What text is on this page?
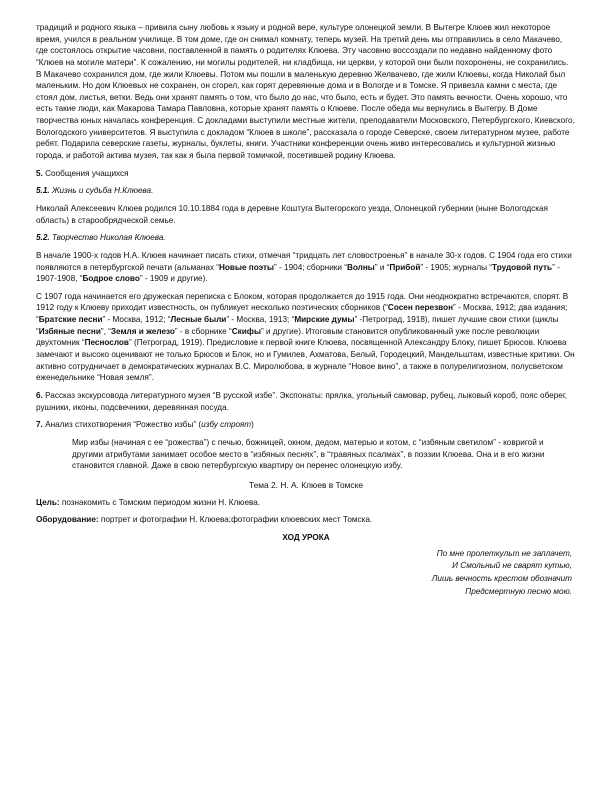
традиций и родного языка – привила сыну любовь к языку и родной вере, культуре олонецкой земли. В Вытегре Клюев жил некоторое время, учился в реальном училище. В том доме, где он снимал комнату, теперь музей. На третий день мы отправились в село Макачево, где состоялось открытие часовни, поставленной в память о родителях Клюева. Эту часовню воссоздали по недавно найденному фото “Клюев на могиле матери”. К сожалению, ни могилы родителей, ни кладбища, ни церкви, у которой они были похоронены, не сохранились. В Макачево сохранился дом, где жили Клюевы. Потом мы пошли в маленькую деревню Желвачево, где жили Клюевы, когда Николай был маленьким. Но дом Клюевых не сохранен, он сгорел, как горят деревянные дома и в Вологде и в Томске. Я привезла камни с места, где стоял дом, листья, ветки. Ведь они хранят память о том, что было до нас, что было, есть и будет. Это память вечности. Очень хорошо, что есть такие люди, как Макарова Тамара Павловна, которые хранят память о Клюеве. После обеда мы вернулись в Вытегру. В Доме творчества юных началась конференция. С докладами выступили местные жители, преподаватели Московского, Петербургского, Киевского, Вологодского университетов. Я выступила с докладом “Клюев в школе”, рассказала о городе Северске, своем литературном музее, работе ребят. Подарила северские газеты, журналы, буклеты, книги. Участники конференции очень живо интересовались и культурной жизнью города, и работой актива музея, так как я была первой томичкой, посетившей родину Клюева.

5. Сообщения учащихся

5.1. Жизнь и судьба Н.Клюева.

Николай Алексеевич Клюев родился 10.10.1884 года в деревне Коштуга Вытегорского уезда, Олонецкой губернии (ныне Вологодская область) в старообрядческой семье.

5.2. Творчество Николая Клюева.

В начале 1900-х годов Н.А. Клюев начинает писать стихи, отмечая “тридцать лет словостроенья” в начале 30-х годов. С 1904 года его стихи появляются в петербургской печати (альманах “Новые поэты” - 1904; сборники “Волны” и “Прибой” - 1905; журналы “Трудовой путь” - 1907-1908, “Бодрое слово” - 1909 и другие).

С 1907 года начинается его дружеская переписка с Блоком, которая продолжается до 1915 года. Они неоднократно встречаются, спорят. В 1912 году к Клюеву приходит известность, он публикует несколько поэтических сборников (“Сосен перезвон” - Москва, 1912; два издания; “Братские песни” - Москва, 1912; “Лесные были” - Москва, 1913; “Мирские думы” -Петроград, 1918), пишет лучшие свои стихи (циклы “Избяные песни”, “Земля и железо” - в сборнике “Скифы” и другие). Итоговым становится опубликованный уже после революции двухтомник “Песнослов” (Петроград, 1919). Предисловие к первой книге Клюева, посвященной Александру Блоку, пишет Брюсов. Клюева замечают и высоко оценивают не только Брюсов и Блок, но и Гумилев, Ахматова, Белый, Городецкий, Мандельштам, известные критики. Он активно сотрудничает в демократических журналах В.С. Миролюбова, в журнале “Новое вино”, а также в полурелигиозном, полусветском еженедельнике “Новая земля”.

6. Рассказ экскурсовода литературного музея “В русской избе”. Экспонаты: прялка, угольный самовар, рубец, лыковый короб, пояс оберег, рушники, иконы, подсвечники, деревянная посуда.

7. Анализ стихотворения “Рожество избы” (избу строят)

Мир избы (начиная с ее “рожества”) с печью, божницей, окном, дедом, матерью и котом, с “избяным светилом” - ковригой и другими атрибутами занимает особое место в “избяных песнях”, в “травяных псалмах”, в поэзии Клюева. Она и в его жизни становится главной. Даже в свою петербургскую квартиру он перенес олонецкую избу.

Тема 2. Н. А. Клюев в Томске

Цель: познакомить с Томским периодом жизни Н. Клюева.

Оборудование: портрет и фотографии Н. Клюева;фотографии клюевских мест Томска.

ХОД УРОКА

По мне пролеткульт не заплачет,
И Смольный не сварят кутью,
Лишь вечность крестом обозначит
Предсмертную песню мою.
